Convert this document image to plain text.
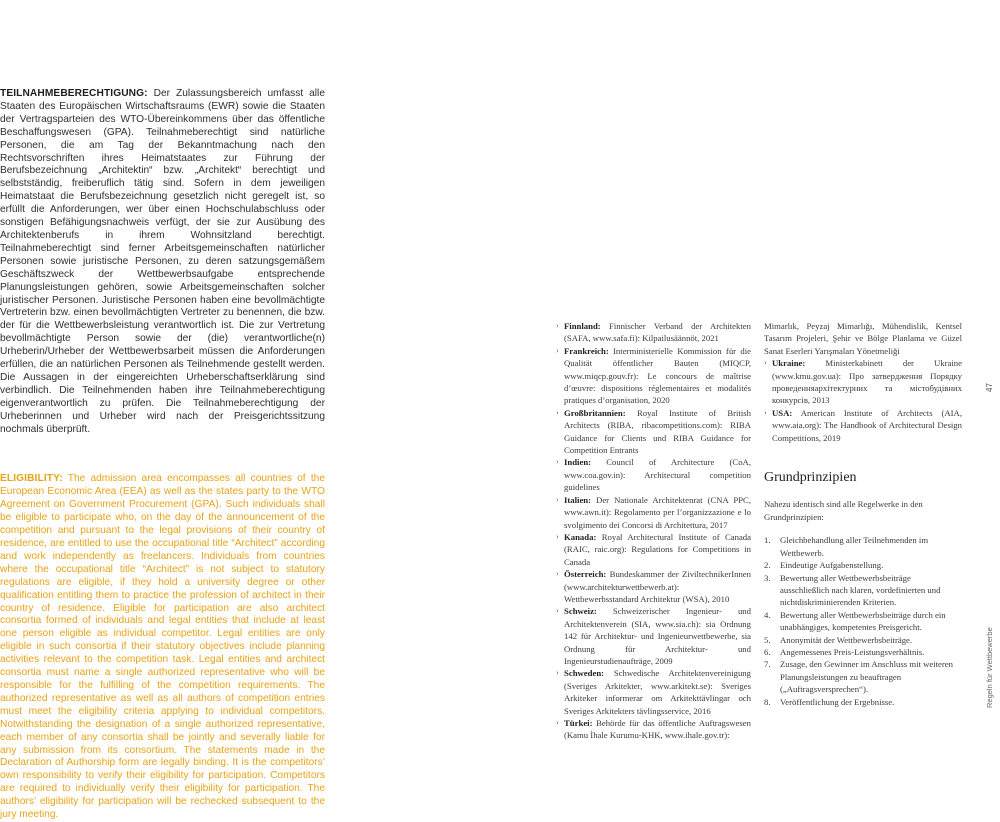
TEILNAHMEBERECHTIGUNG: Der Zulassungsbereich umfasst alle Staaten des Europäischen Wirtschaftsraums (EWR) sowie die Staaten der Vertragsparteien des WTO-Übereinkommens über das öffentliche Beschaffungswesen (GPA). Teilnahmeberechtigt sind natürliche Personen, die am Tag der Bekanntmachung nach den Rechtsvorschriften ihres Heimatstaates zur Führung der Berufsbezeichnung „Architektin“ bzw. „Architekt“ berechtigt und selbstständig, freiberuflich tätig sind. Sofern in dem jeweiligen Heimatstaat die Berufsbezeichnung gesetzlich nicht geregelt ist, so erfüllt die Anforderungen, wer über einen Hochschulabschluss oder sonstigen Befähigungsnachweis verfügt, der sie zur Ausübung des Architektenberufs in ihrem Wohnsitzland berechtigt. Teilnahmeberechtigt sind ferner Arbeitsgemeinschaften natürlicher Personen sowie juristische Personen, zu deren satzungsgemäßem Geschäftszweck der Wettbewerbsaufgabe entsprechende Planungsleistungen gehören, sowie Arbeitsgemeinschaften solcher juristischer Personen. Juristische Personen haben eine bevollmächtigte Vertreterin bzw. einen bevollmächtigten Vertreter zu benennen, die bzw. der für die Wettbewerbsleistung verantwortlich ist. Die zur Vertretung bevollmächtigte Person sowie der (die) verantwortliche(n) Urheberin/Urheber der Wettbewerbsarbeit müssen die Anforderungen erfüllen, die an natürlichen Personen als Teilnehmende gestellt werden. Die Aussagen in der eingereichten Urheberschaftserklärung sind verbindlich. Die Teilnehmenden haben ihre Teilnahmeberechtigung eigenverantwortlich zu prüfen. Die Teilnahmeberechtigung der Urheberinnen und Urheber wird nach der Preisgerichtssitzung nochmals überprüft.

ELIGIBILITY: The admission area encompasses all countries of the European Economic Area (EEA) as well as the states party to the WTO Agreement on Government Procurement (GPA). Such individuals shall be eligible to participate who, on the day of the announcement of the competition and pursuant to the legal provisions of their country of residence, are entitled to use the occupational title “Architect” according and work independently as freelancers. Individuals from countries where the occupational title “Architect” is not subject to statutory regulations are eligible, if they hold a university degree or other qualification entitling them to practice the profession of architect in their country of residence. Eligible for participation are also architect consortia formed of individuals and legal entities that include at least one person eligible as individual competitor. Legal entities are only eligible in such consortia if their statutory objectives include planning activities relevant to the competition task. Legal entities and architect consortia must name a single authorized representative who will be responsible for the fulfilling of the competition requirements. The authorized representative as well as all authors of competition entries must meet the eligibility criteria applying to individual competitors. Notwithstanding the designation of a single authorized representative, each member of any consortia shall be jointly and severally liable for any submission from its consortium. The statements made in the Declaration of Authorship form are legally binding. It is the competitors’ own responsibility to verify their eligibility for participation. Competitors are required to individually verify their eligibility for participation. The authors’ eligibility for participation will be rechecked subsequent to the jury meeting.

› Finnland: Finnischer Verband der Architekten (SAFA, www.safa.fi): Kilpailusäännöt, 2021
› Frankreich: Interministerielle Kommission für die Qualität öffentlicher Bauten (MIQCP, www.miqcp.gouv.fr): Le concours de maîtrise d’œuvre: dispositions réglementaires et modalités pratiques d’organisation, 2020
› Großbritannien: Royal Institute of British Architects (RIBA, ribacompetitions.com): RIBA Guidance for Clients und RIBA Guidance for Competition Entrants
› Indien: Council of Architecture (CoA, www.coa.gov.in): Architectural competition guidelines
› Italien: Der Nationale Architektenrat (CNA PPC, www.awn.it): Regolamento per l’organizzazione e lo svolgimento dei Concorsi di Architettura, 2017
› Kanada: Royal Architectural Institute of Canada (RAIC, raic.org): Regulations for Competitions in Canada
› Österreich: Bundeskammer der ZiviltechnikerInnen (www.architekturwettbewerb.at): Wettbewerbsstandard Architektur (WSA), 2010
› Schweiz: Schweizerischer Ingenieur- und Architektenverein (SIA, www.sia.ch): sia Ordnung 142 für Architektur- und Ingenieurwettbewerbe, sia Ordnung für Architektur- und Ingenieurstudienaufträge, 2009
› Schweden: Schwedische Architektenvereinigung (Sveriges Arkitekter, www.arkitekt.se): Sveriges Arkiteker informerar om Arkitekttävlingar och Sveriges Arkitekters tävlingsservice, 2016
› Türkei: Behörde für das öffentliche Auftragswesen (Kamu İhale Kurumu-KHK, www.ihale.gov.tr):

Mimarlık, Peyzaj Mimarlığı, Mühendislik, Kentsel Tasarım Projeleri, Şehir ve Bölge Planlama ve Güzel Sanat Eserleri Yarışmaları Yönetmeliği

› Ukraine: Ministerkabinett der Ukraine (www.kmu.gov.ua): Про затвердження Порядку проведенняархітектурних та містобудівних конкурсів, 2013
› USA: American Institute of Architects (AIA, www.aia.org): The Handbook of Architectural Design Competitions, 2019
Grundprinzipien

Nahezu identisch sind alle Regelwerke in den Grundprinzipien:

1. Gleichbehandlung aller Teilnehmenden im Wettbewerb.
2. Eindeutige Aufgabenstellung.
3. Bewertung aller Wettbewerbsbeiträge ausschließlich nach klaren, vordefinierten und nichtdiskriminierenden Kriterien.
4. Bewertung aller Wettbewerbsbeiträge durch ein unabhängiges, kompetentes Preisgericht.
5. Anonymität der Wettbewerbsbeiträge.
6. Angemessenes Preis-Leistungsverhältnis.
7. Zusage, den Gewinner im Anschluss mit weiteren Planungsleistungen zu beauftragen („Auftragsversprechen“).
8. Veröffentlichung der Ergebnisse.
47
Regeln für Wettbewerbe
